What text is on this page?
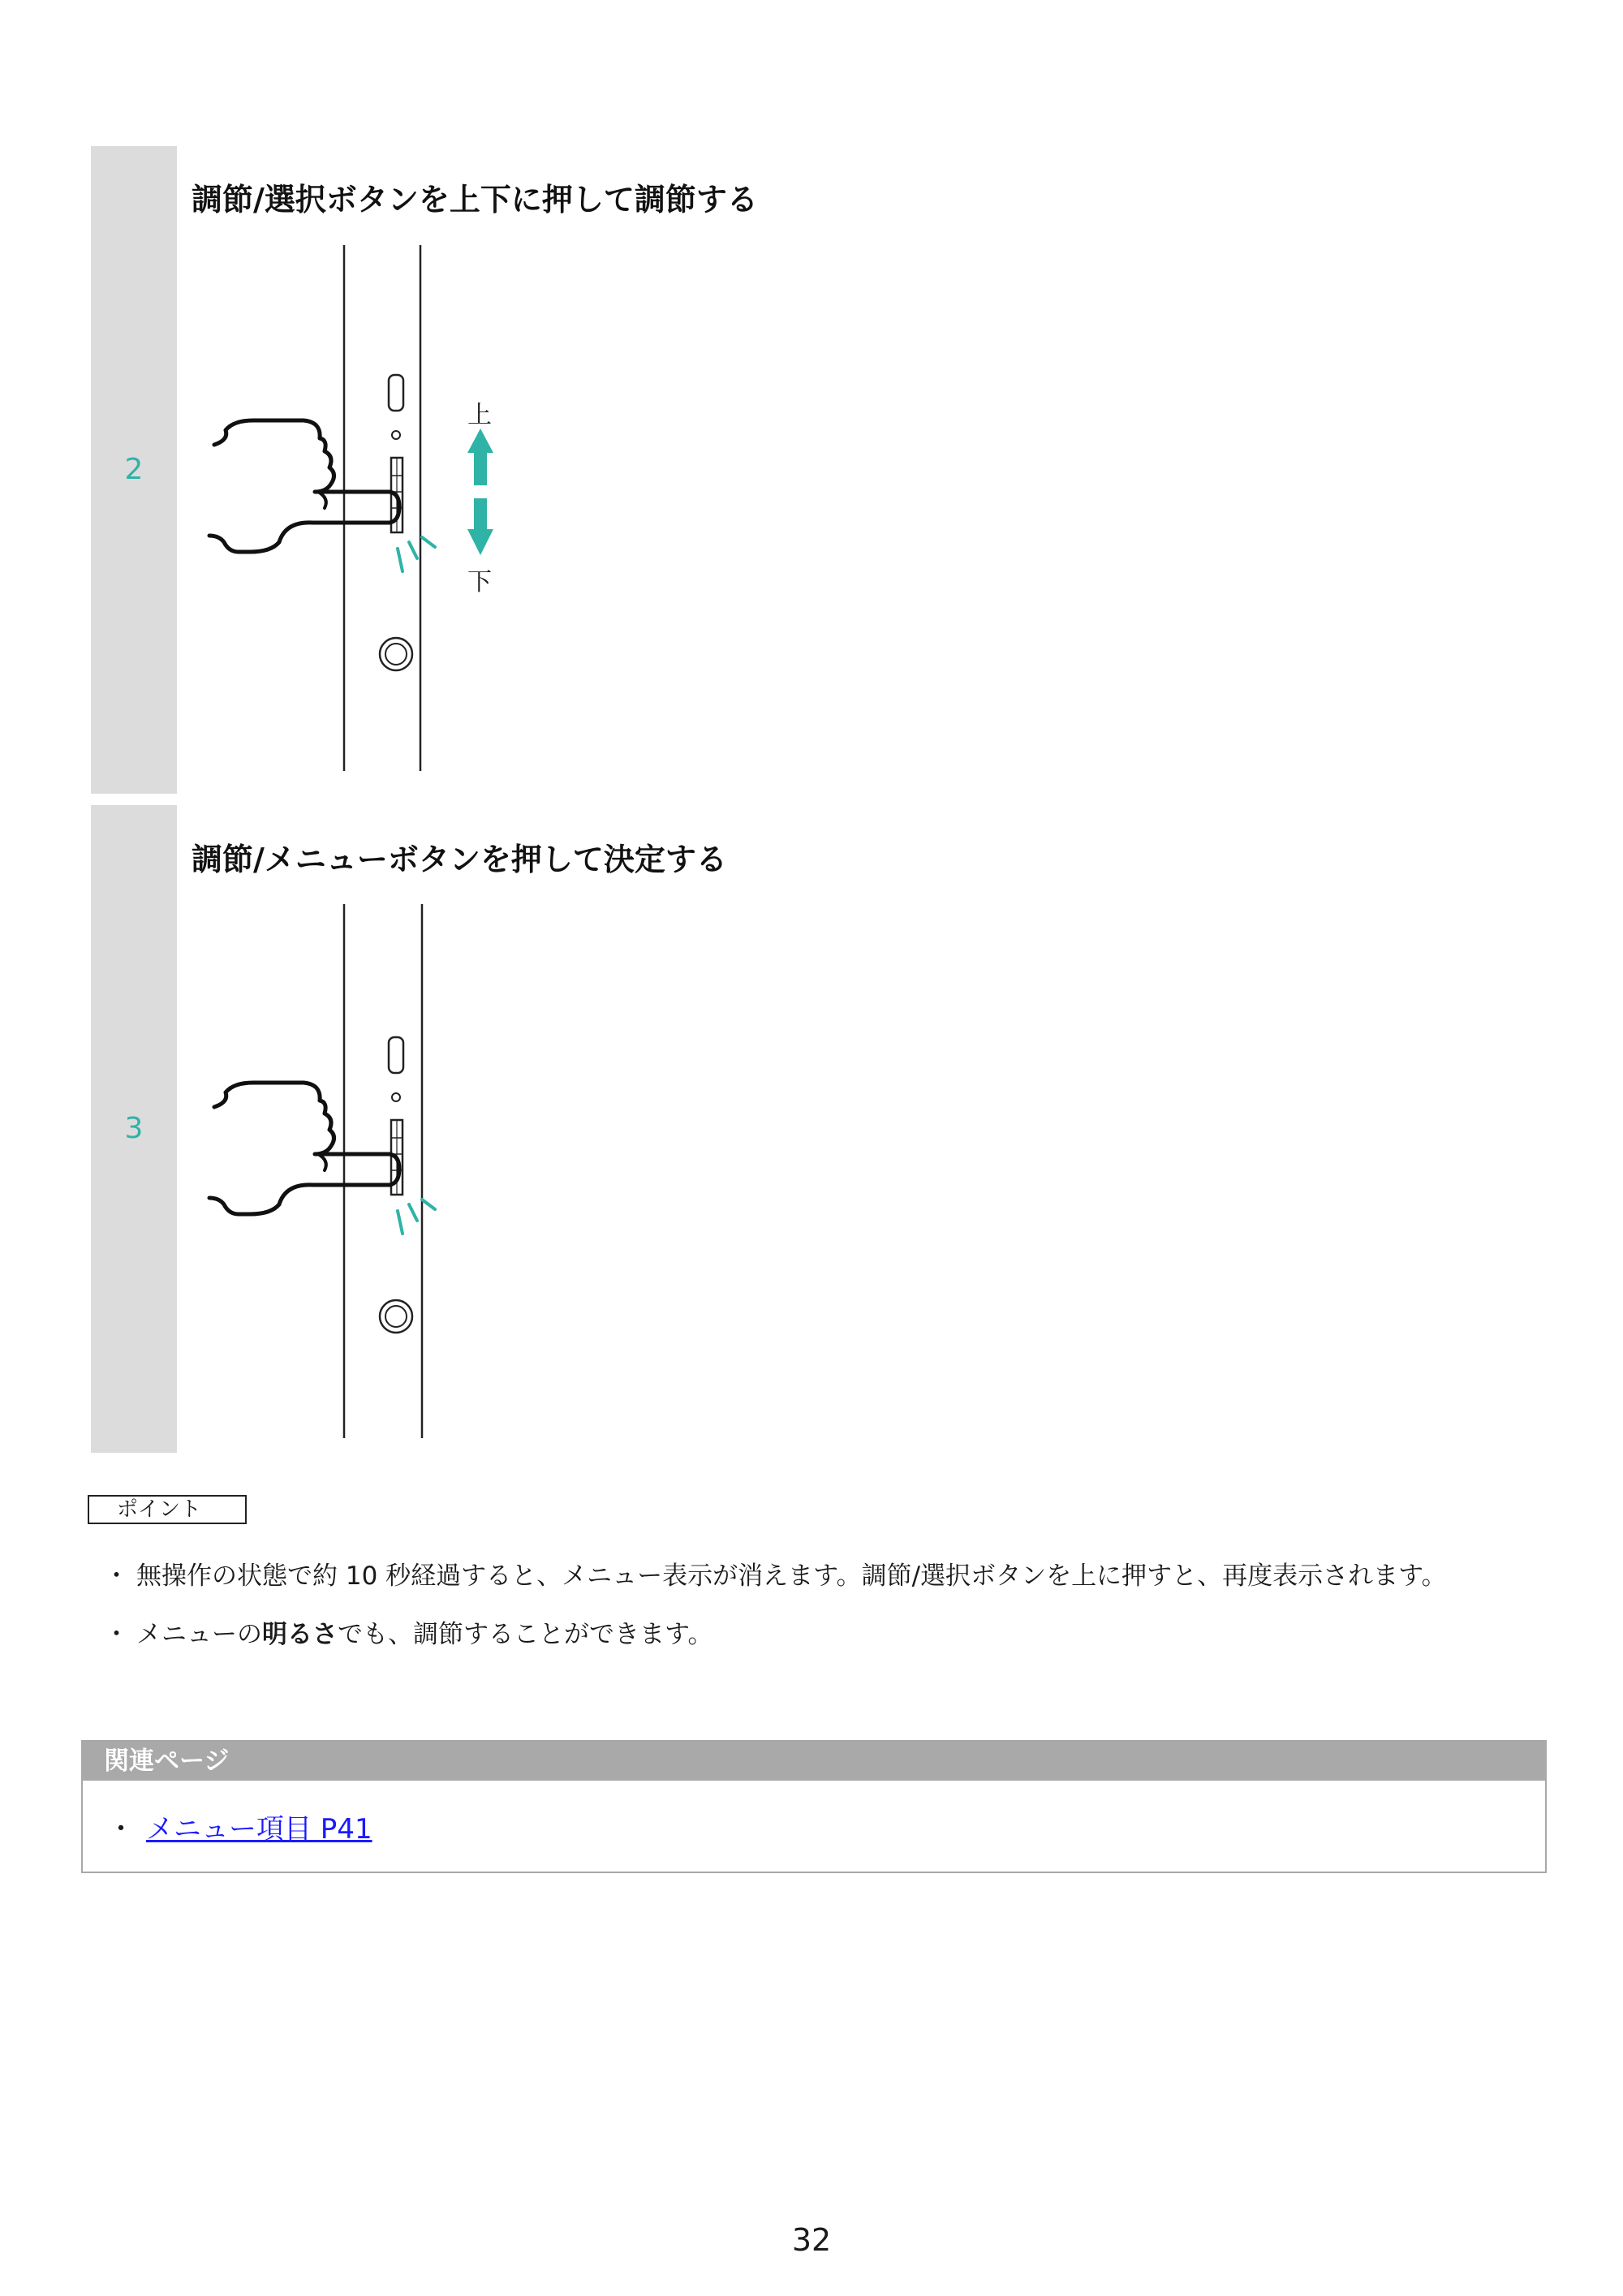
2
調節/選択ボタンを上下に押して調節する
上
下
3
調節/メニューボタンを押して決定する
ポイント
・ 無操作の状態で約 10 秒経過すると、メニュー表示が消えます。調節/選択ボタンを上に押すと、再度表示されます。
・ メニューの明るさでも、調節することができます。
関連ページ
・ メニュー項目 P41
32
